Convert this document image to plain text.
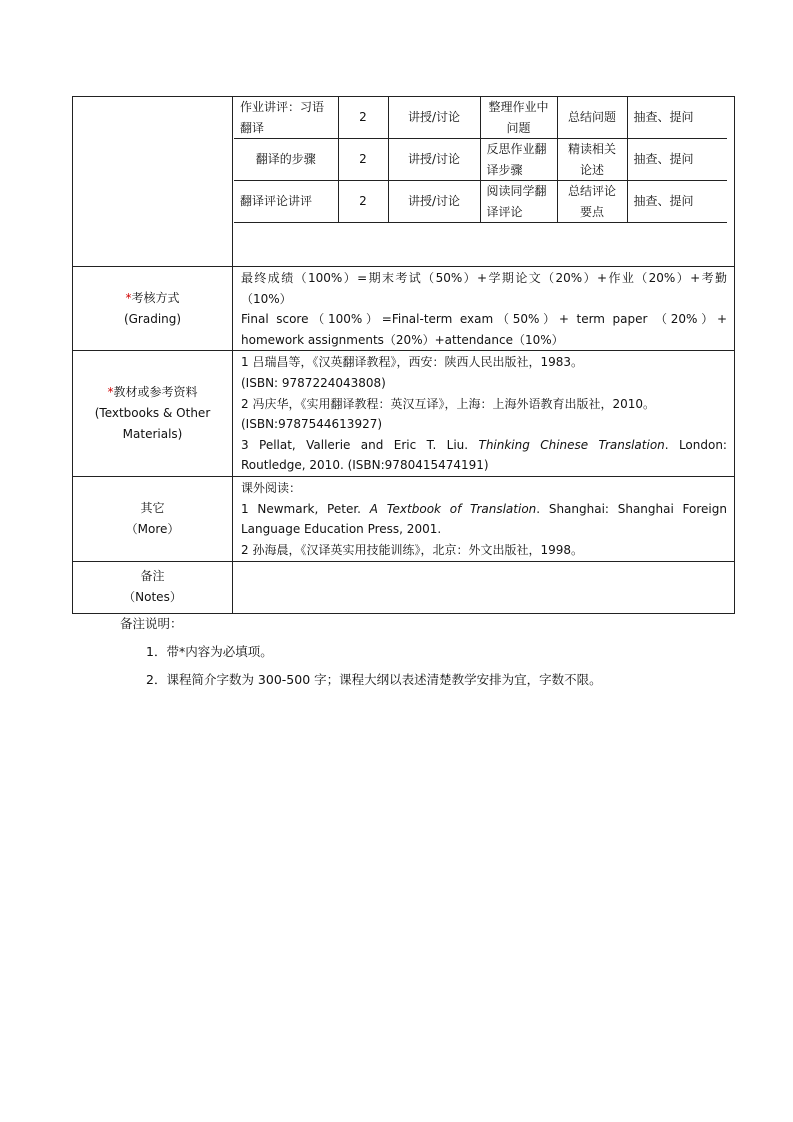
作业讲评：习语翻译	2	讲授/讨论	整理作业中问题	总结问题	抽查、提问
翻译的步骤	2	讲授/讨论	反思作业翻译步骤	精读相关论述	抽查、提问
翻译评论讲评	2	讲授/讨论	阅读同学翻译评论	总结评论要点	抽查、提问

*考核方式
(Grading)

最终成绩（100%）=期末考试（50%）+学期论文（20%）+作业（20%）+考勤（10%）
Final score（100%）=Final-term exam（50%）+ term paper （20%）+ homework assignments（20%）+attendance（10%）

*教材或参考资料
(Textbooks & Other
Materials)

1 吕瑞昌等，《汉英翻译教程》，西安：陕西人民出版社，1983。
(ISBN: 9787224043808)
2 冯庆华，《实用翻译教程：英汉互译》，上海：上海外语教育出版社，2010。
(ISBN:9787544613927)
3 Pellat, Vallerie and Eric T. Liu. Thinking Chinese Translation. London: Routledge, 2010. (ISBN:9780415474191)

其它
（More）

课外阅读：
1 Newmark, Peter. A Textbook of Translation. Shanghai: Shanghai Foreign Language Education Press, 2001.
2 孙海晨，《汉译英实用技能训练》，北京：外文出版社，1998。

备注
（Notes）

备注说明：
1．带*内容为必填项。
2．课程简介字数为 300-500 字；课程大纲以表述清楚教学安排为宜，字数不限。
